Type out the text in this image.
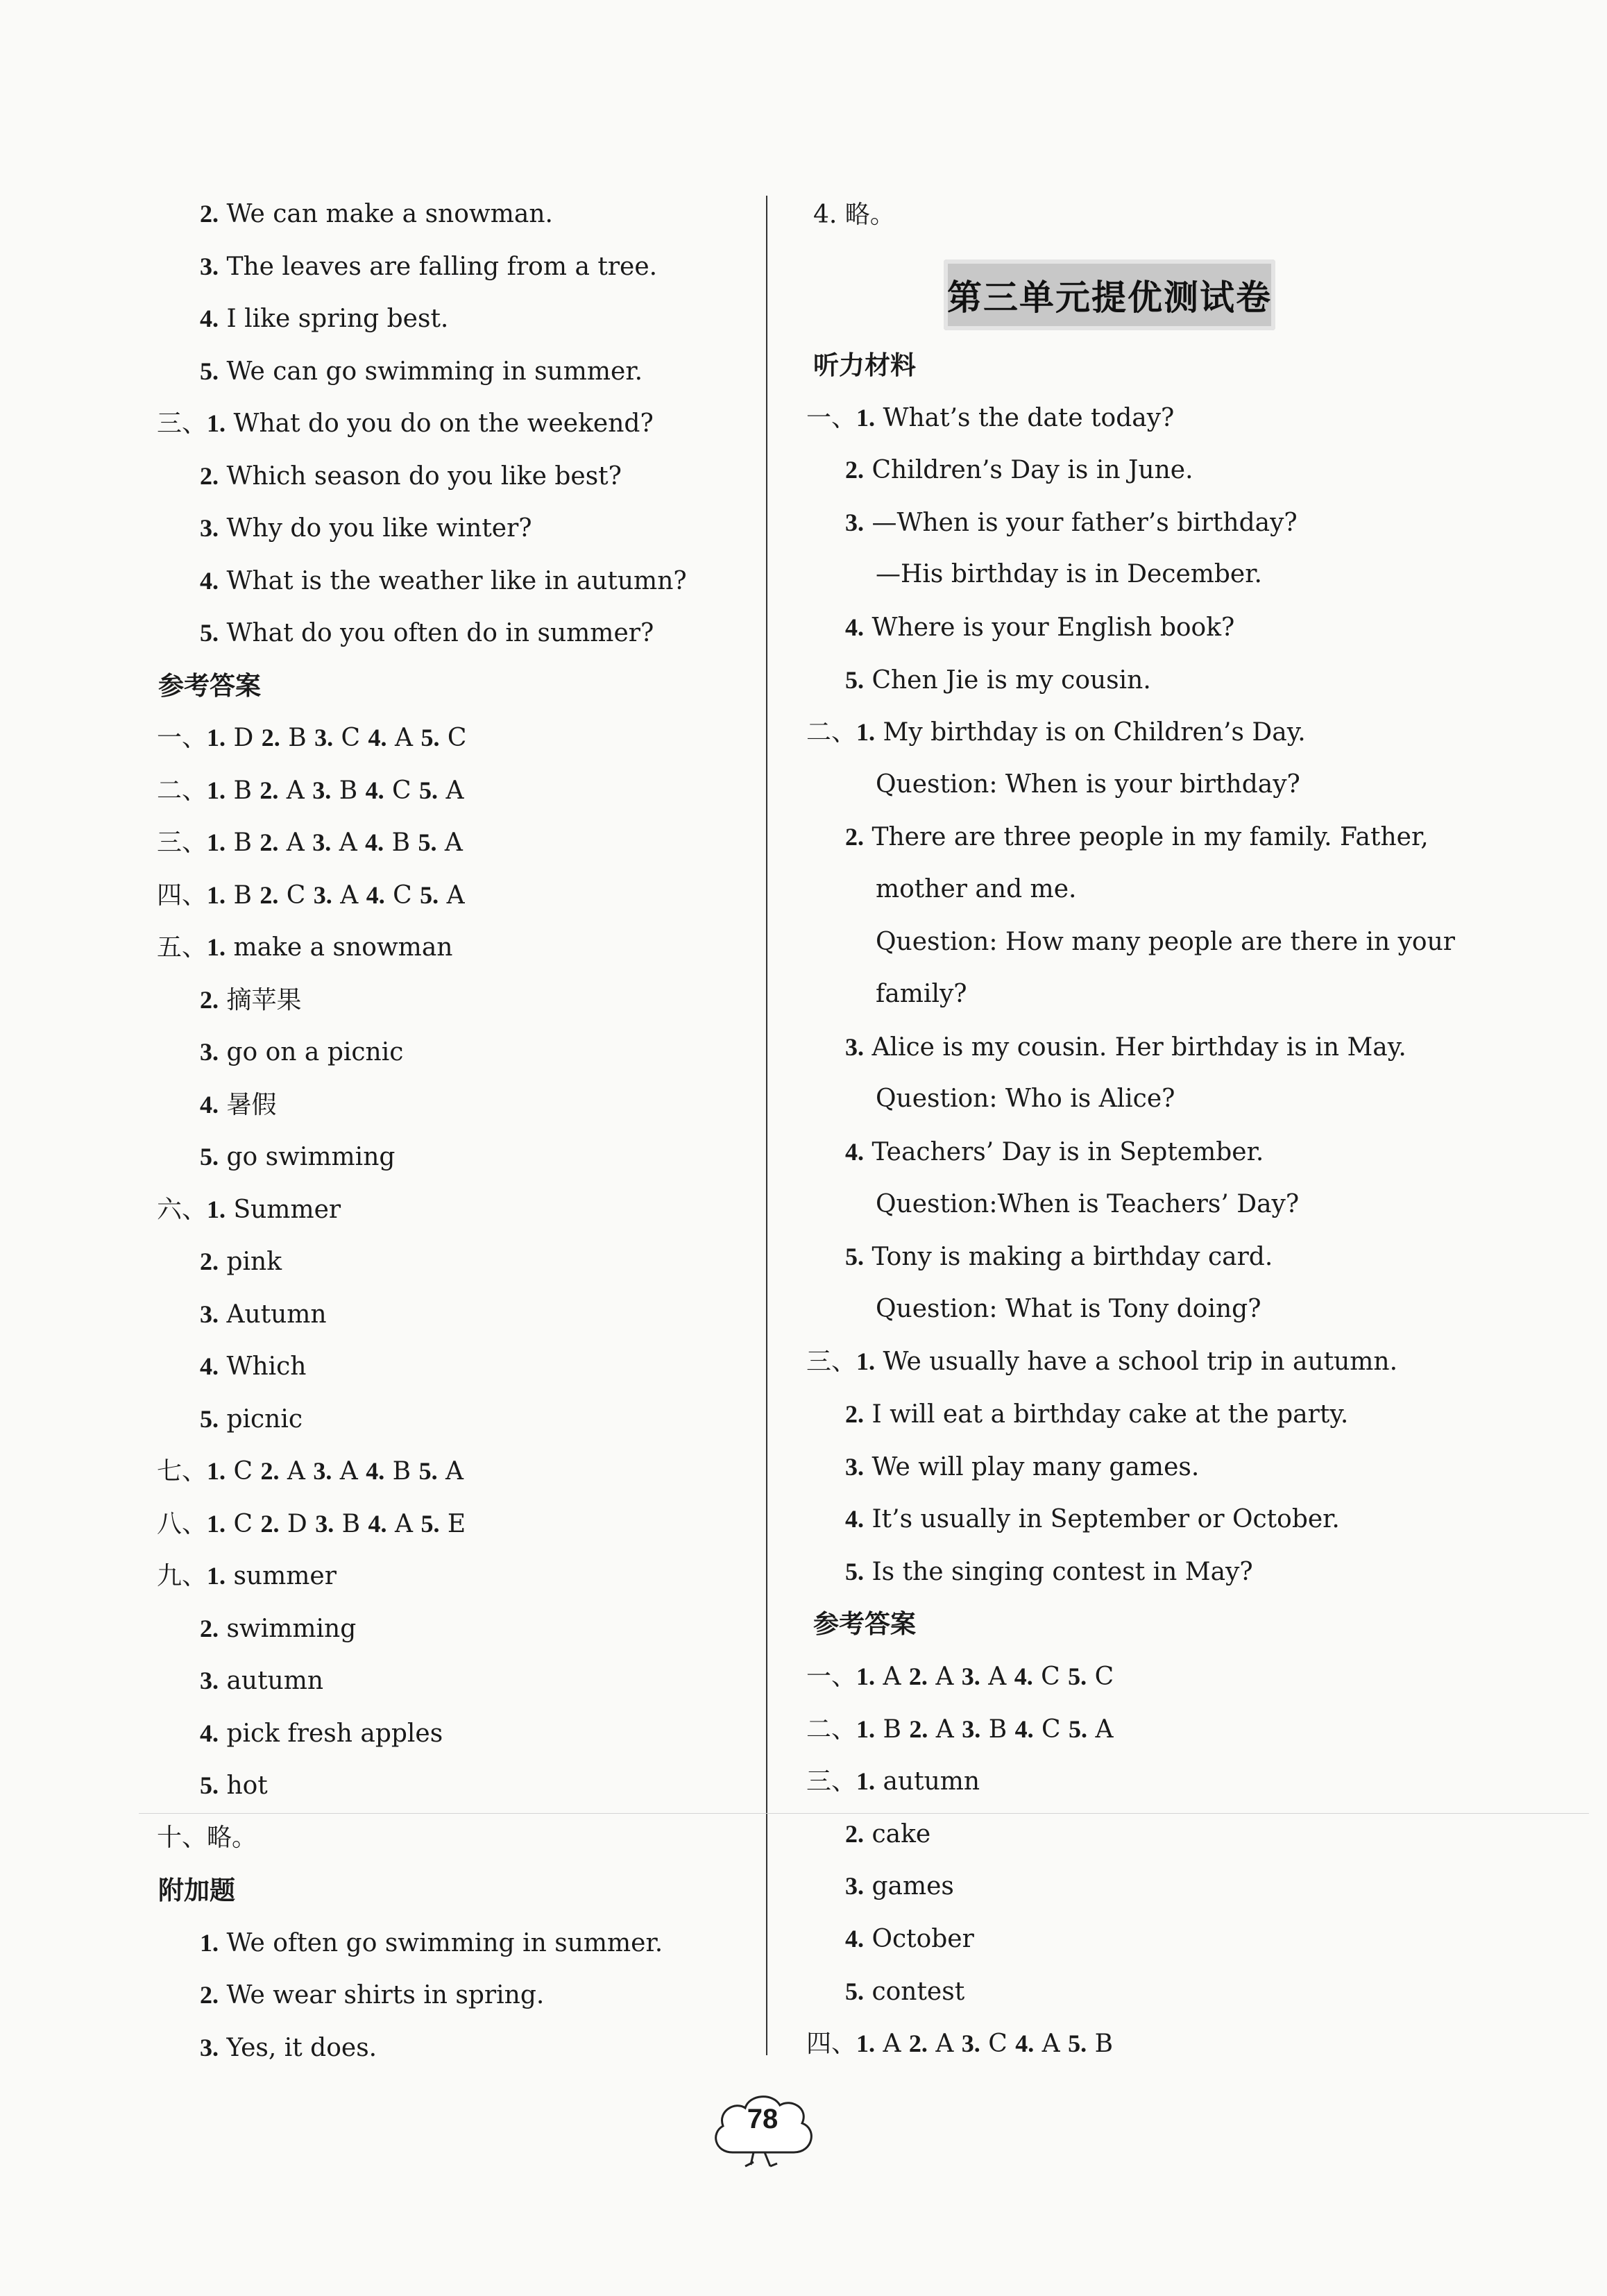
2. We can make a snowman.
3. The leaves are falling from a tree.
4. I like spring best.
5. We can go swimming in summer.
三、1. What do you do on the weekend?
2. Which season do you like best?
3. Why do you like winter?
4. What is the weather like in autumn?
5. What do you often do in summer?
参考答案
一、1. D 2. B 3. C 4. A 5. C
二、1. B 2. A 3. B 4. C 5. A
三、1. B 2. A 3. A 4. B 5. A
四、1. B 2. C 3. A 4. C 5. A
五、1. make a snowman
2. 摘苹果
3. go on a picnic
4. 暑假
5. go swimming
六、1. Summer
2. pink
3. Autumn
4. Which
5. picnic
七、1. C 2. A 3. A 4. B 5. A
八、1. C 2. D 3. B 4. A 5. E
九、1. summer
2. swimming
3. autumn
4. pick fresh apples
5. hot
十、略。
附加题
1. We often go swimming in summer.
2. We wear shirts in spring.
3. Yes, it does.
听力材料
一、1. What’s the date today?
2. Children’s Day is in June.
3. —When is your father’s birthday?
—His birthday is in December.
4. Where is your English book?
5. Chen Jie is my cousin.
二、1. My birthday is on Children’s Day.
Question: When is your birthday?
2. There are three people in my family. Father,
mother and me.
Question: How many people are there in your
family?
3. Alice is my cousin. Her birthday is in May.
Question: Who is Alice?
4. Teachers’ Day is in September.
Question:When is Teachers’ Day?
5. Tony is making a birthday card.
Question: What is Tony doing?
三、1. We usually have a school trip in autumn.
2. I will eat a birthday cake at the party.
3. We will play many games.
4. It’s usually in September or October.
5. Is the singing contest in May?
参考答案
一、1. A 2. A 3. A 4. C 5. C
二、1. B 2. A 3. B 4. C 5. A
三、1. autumn
2. cake
3. games
4. October
5. contest
四、1. A 2. A 3. C 4. A 5. B
4. 略。
第三单元提优测试卷
78
